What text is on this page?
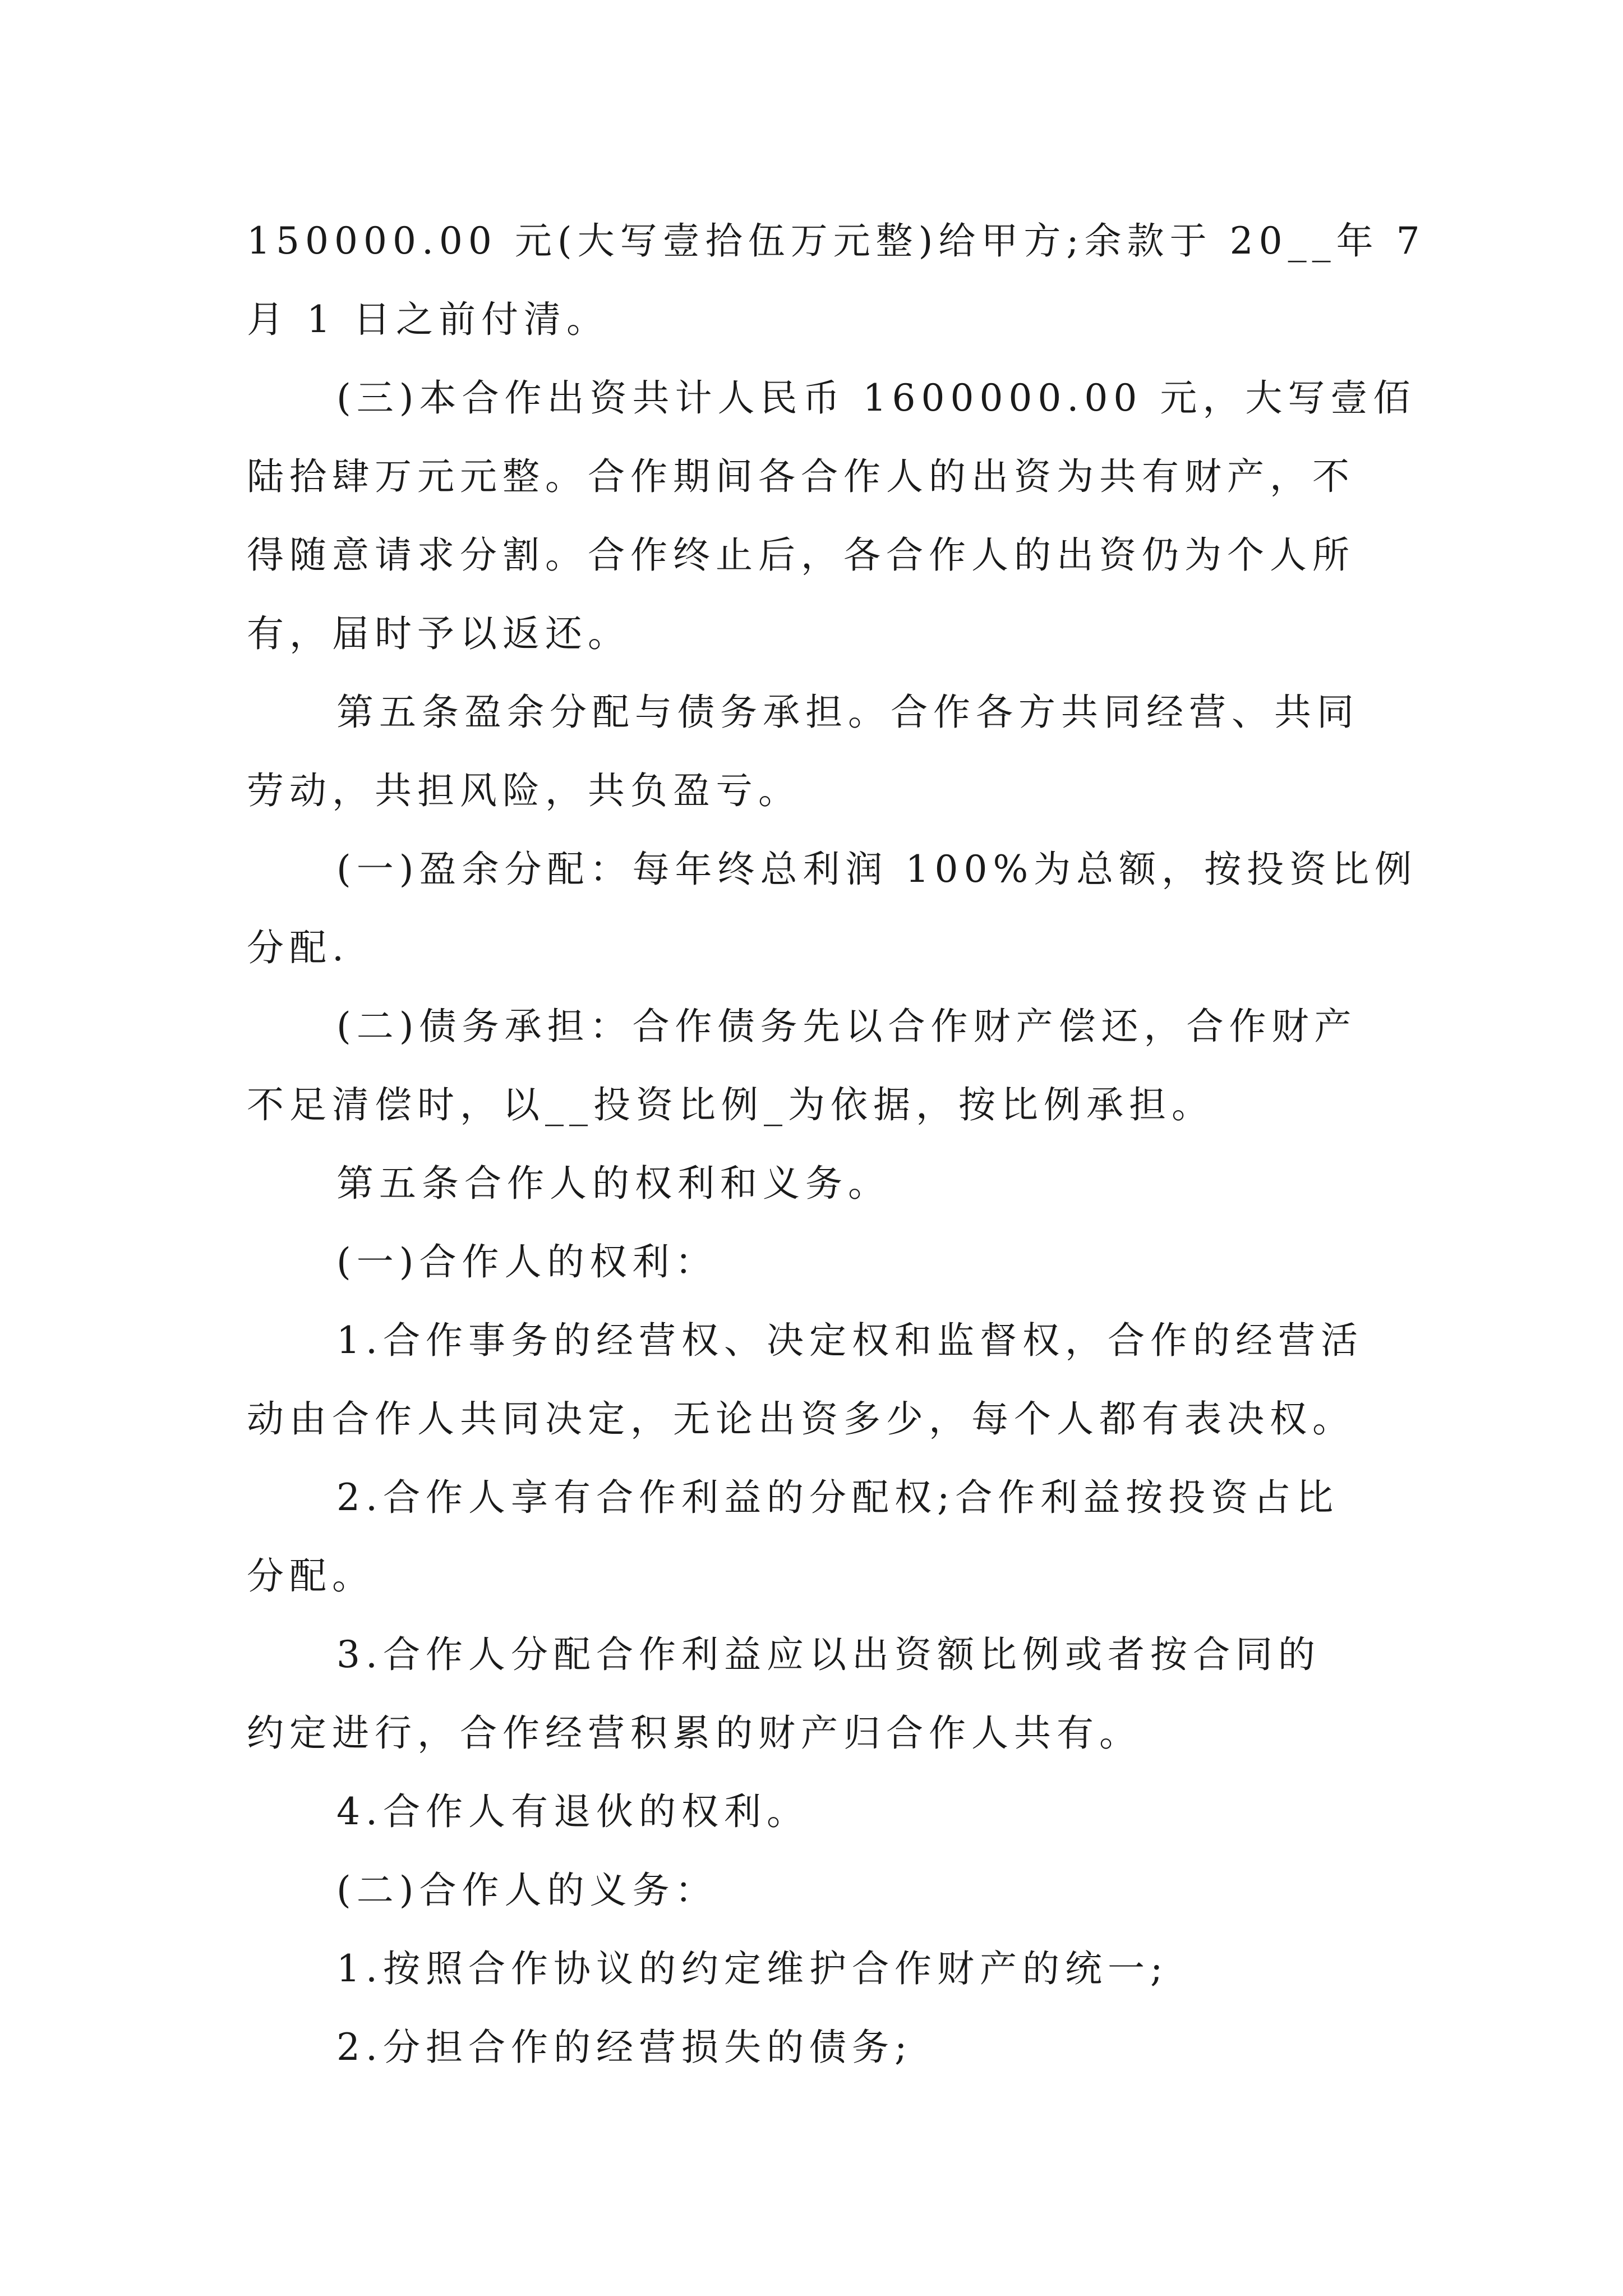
150000.00 元(大写壹拾伍万元整)给甲方;余款于 20__年 7

月 1 日之前付清。

(三)本合作出资共计人民币 1600000.00 元，大写壹佰

陆拾肆万元元整。合作期间各合作人的出资为共有财产，不

得随意请求分割。合作终止后，各合作人的出资仍为个人所

有，届时予以返还。

第五条盈余分配与债务承担。合作各方共同经营、共同

劳动，共担风险，共负盈亏。

(一)盈余分配：每年终总利润 100%为总额，按投资比例

分配.

(二)债务承担：合作债务先以合作财产偿还，合作财产

不足清偿时，以__投资比例_为依据，按比例承担。

第五条合作人的权利和义务。

(一)合作人的权利：

1.合作事务的经营权、决定权和监督权，合作的经营活

动由合作人共同决定，无论出资多少，每个人都有表决权。

2.合作人享有合作利益的分配权;合作利益按投资占比

分配。

3.合作人分配合作利益应以出资额比例或者按合同的

约定进行，合作经营积累的财产归合作人共有。

4.合作人有退伙的权利。

(二)合作人的义务：

1.按照合作协议的约定维护合作财产的统一;

2.分担合作的经营损失的债务;
